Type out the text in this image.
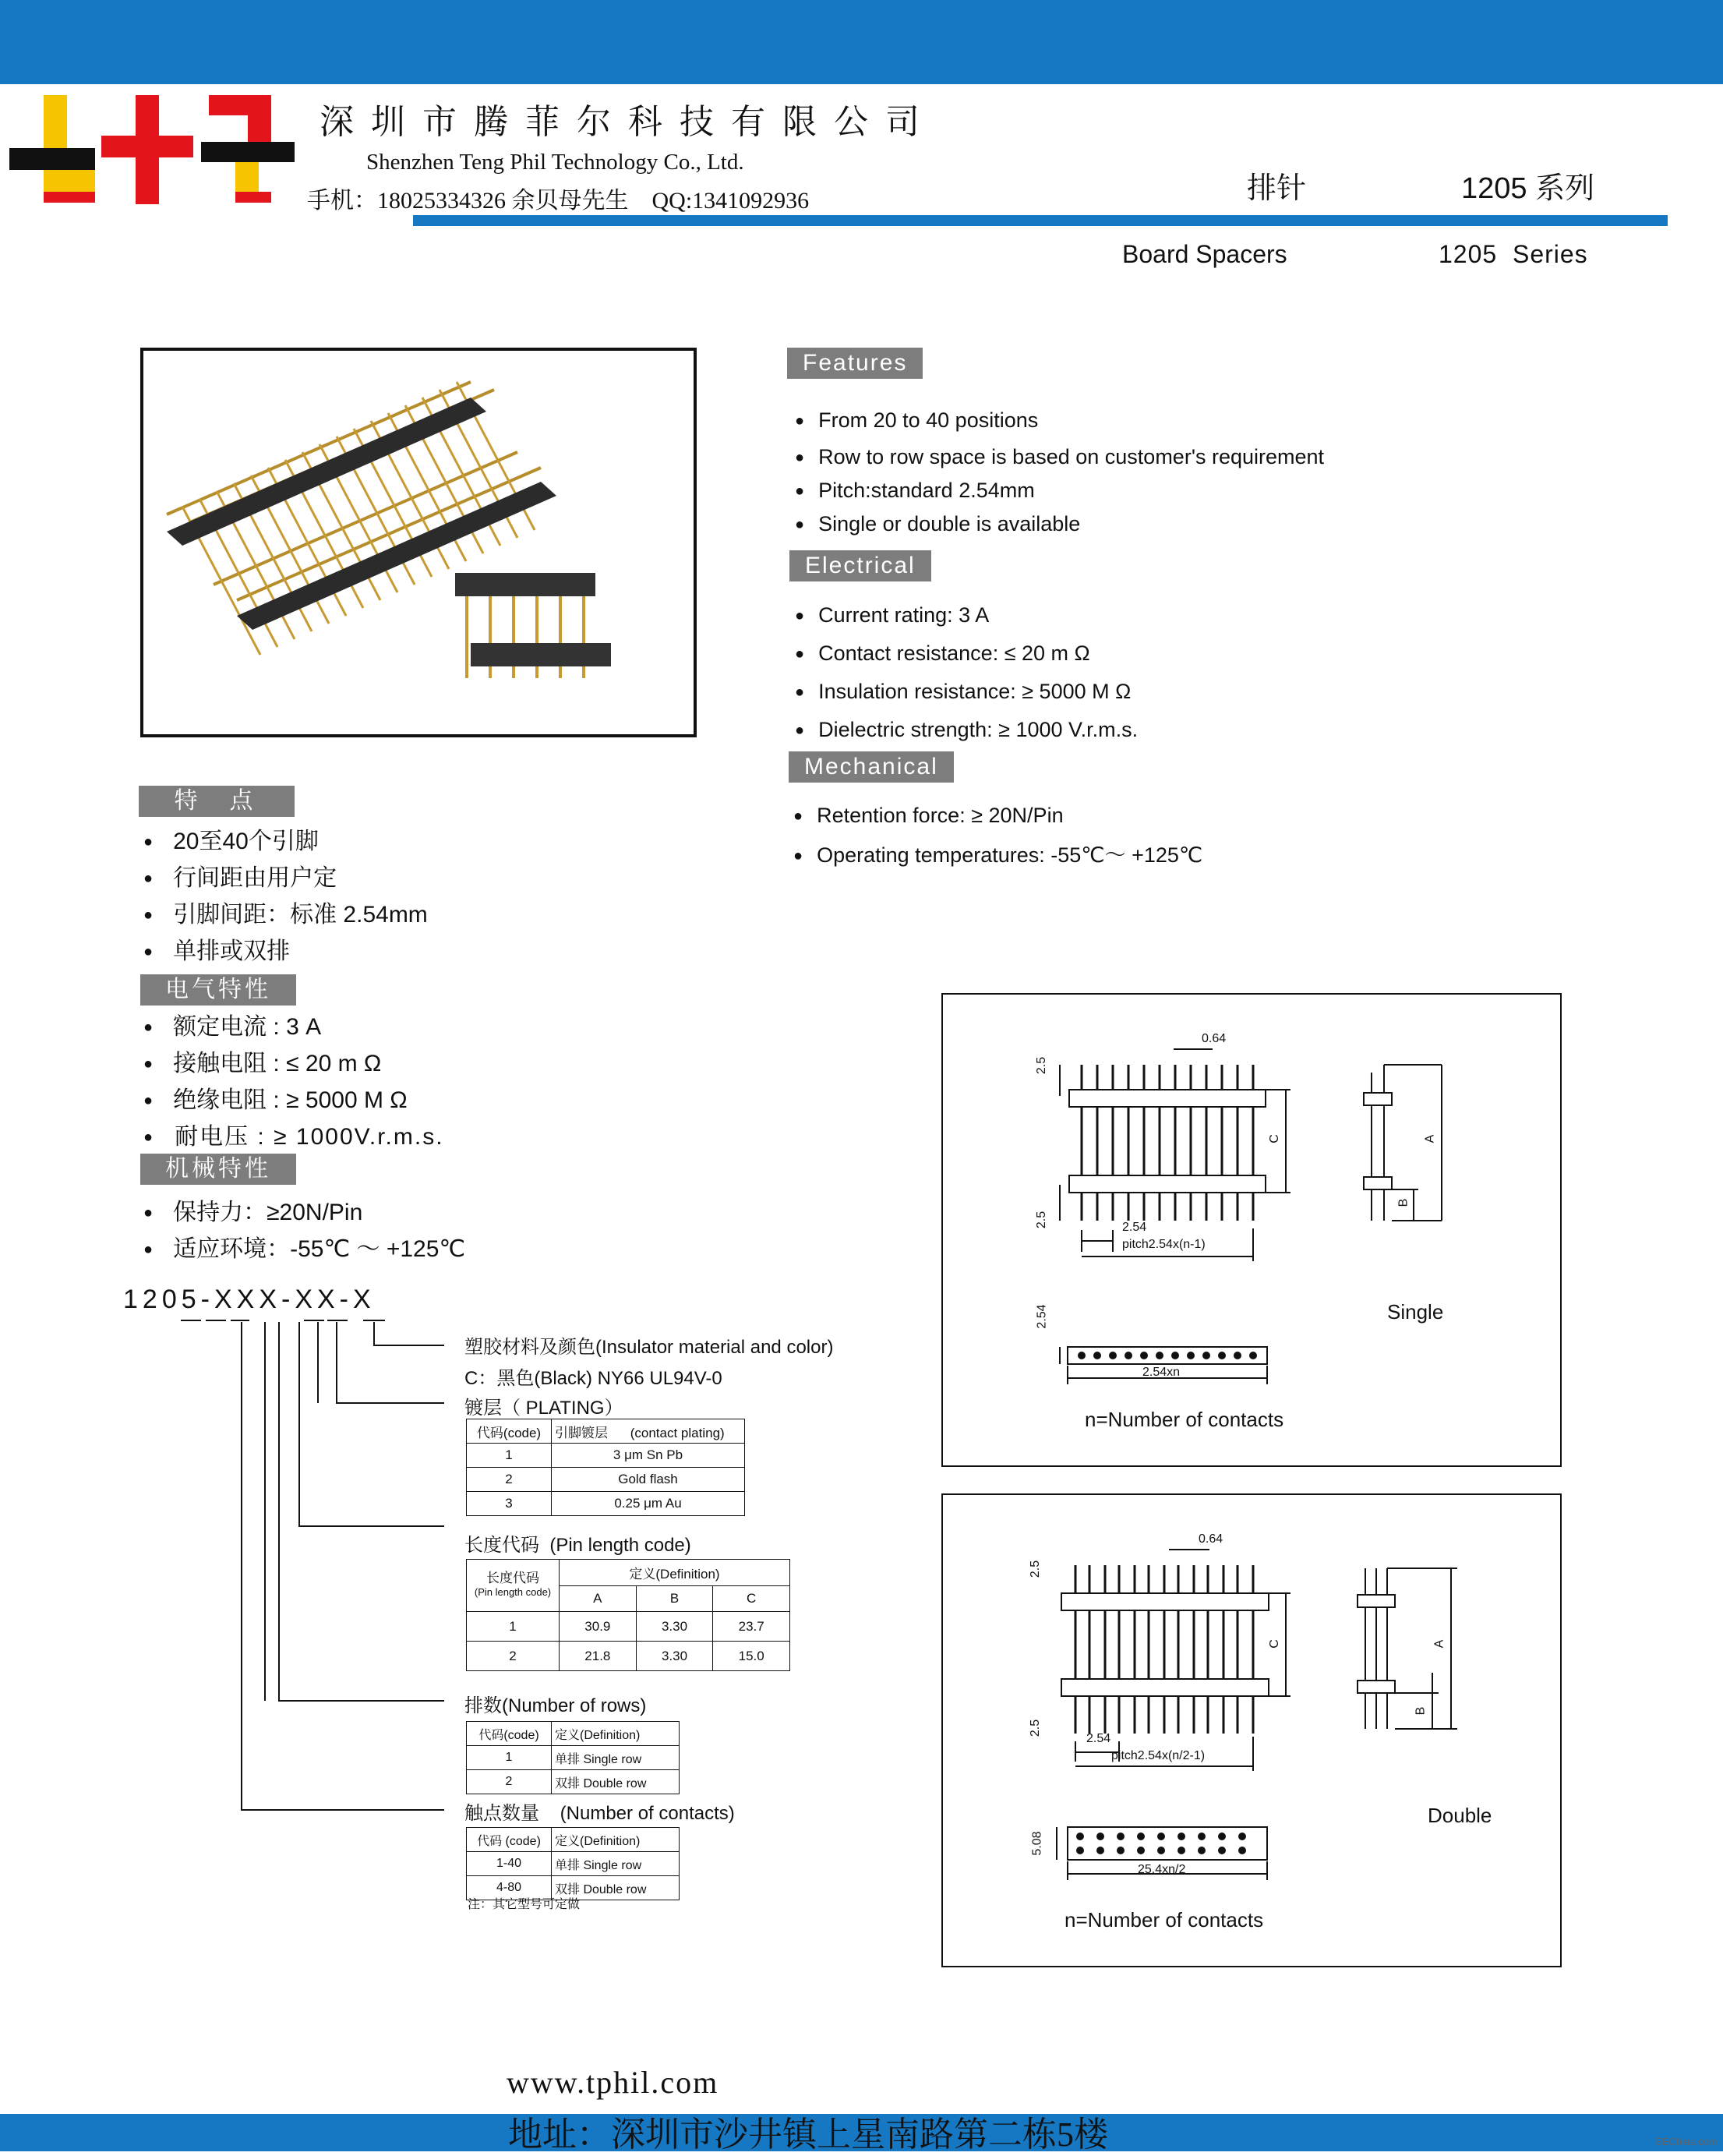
深圳市腾菲尔科技有限公司
Shenzhen Teng Phil Technology Co., Ltd.
手机：18025334326 余贝母先生    QQ:1341092936	排针	1205 系列
Board Spacers	1205  Series
Features
● From 20 to 40 positions
● Row to row space is based on customer's requirement
● Pitch:standard 2.54mm
● Single or double is available
Electrical
● Current rating: 3 A
● Contact resistance: ≤ 20 m Ω
● Insulation resistance: ≥ 5000 M Ω
● Dielectric strength: ≥ 1000 V.r.m.s.
Mechanical
● Retention force: ≥ 20N/Pin
● Operating temperatures: -55℃～ +125℃
特  点
● 20至40个引脚
● 行间距由用户定
● 引脚间距：标准 2.54mm
● 单排或双排
电气特性
● 额定电流 : 3 A
● 接触电阻 : ≤ 20 m Ω
● 绝缘电阻 : ≥ 5000 M Ω
● 耐电压 : ≥ 1000V.r.m.s.
机械特性
● 保持力：≥20N/Pin
● 适应环境：-55℃ ～ +125℃
1205-XXX-XX-X
塑胶材料及颜色(Insulator material and color)
C：黑色(Black) NY66 UL94V-0
镀层（ PLATING）
代码(code)	引脚镀层 (contact plating)
1	3 μm Sn Pb
2	Gold flash
3	0.25 μm Au
长度代码  (Pin length code)
长度代码
(Pin length code)	定义(Definition)		
	A	B	C
1	30.9	3.30	23.7
2	21.8	3.30	15.0
排数(Number of rows)
代码(code)	定义(Definition)
1	单排 Single row
2	双排 Double row
触点数量    (Number of contacts)
代码 (code)	定义(Definition)
1-40	单排 Single row
4-80	双排 Double row
注：其它型号可定做
0.64
2.5
2.5	2.54
pitch2.54x(n-1)
C	A
B
2.54
2.54xn
Single
n=Number of contacts
0.64
2.5
2.5
2.54
pitch2.54x(n/2-1)
C	A
B
5.08
25.4xn/2
Double
n=Number of contacts
www.tphil.com
地址：深圳市沙井镇上星南路第二栋5楼	EEChina.com
